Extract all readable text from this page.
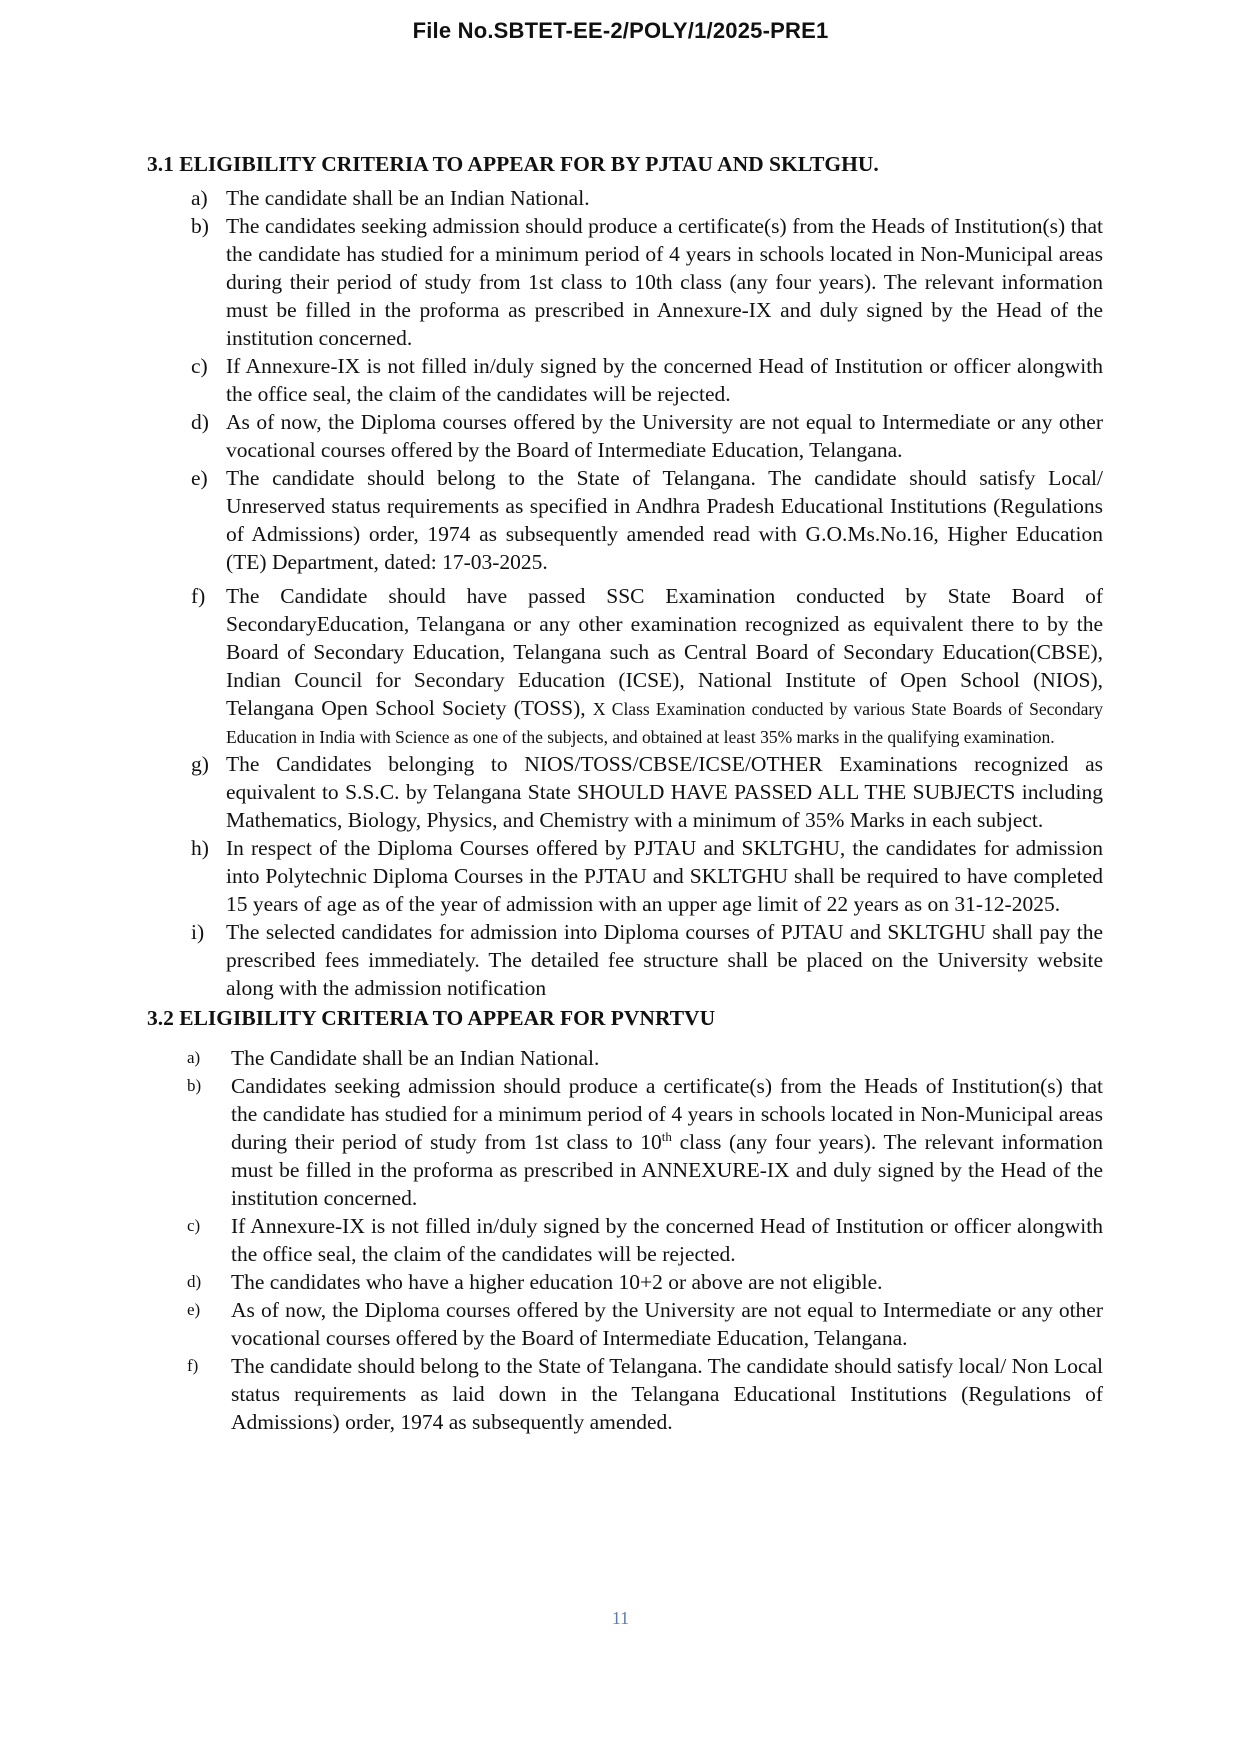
File No.SBTET-EE-2/POLY/1/2025-PRE1
3.1 ELIGIBILITY CRITERIA TO APPEAR FOR BY PJTAU AND SKLTGHU.
a) The candidate shall be an Indian National.
b) The candidates seeking admission should produce a certificate(s) from the Heads of Institution(s) that the candidate has studied for a minimum period of 4 years in schools located in Non-Municipal areas during their period of study from 1st class to 10th class (any four years). The relevant information must be filled in the proforma as prescribed in Annexure-IX and duly signed by the Head of the institution concerned.
c) If Annexure-IX is not filled in/duly signed by the concerned Head of Institution or officer alongwith the office seal, the claim of the candidates will be rejected.
d) As of now, the Diploma courses offered by the University are not equal to Intermediate or any other vocational courses offered by the Board of Intermediate Education, Telangana.
e) The candidate should belong to the State of Telangana. The candidate should satisfy Local/ Unreserved status requirements as specified in Andhra Pradesh Educational Institutions (Regulations of Admissions) order, 1974 as subsequently amended read with G.O.Ms.No.16, Higher Education (TE) Department, dated: 17-03-2025.
f) The Candidate should have passed SSC Examination conducted by State Board of SecondaryEducation, Telangana or any other examination recognized as equivalent there to by the Board of Secondary Education, Telangana such as Central Board of Secondary Education(CBSE), Indian Council for Secondary Education (ICSE), National Institute of Open School (NIOS), Telangana Open School Society (TOSS), X Class Examination conducted by various State Boards of Secondary Education in India with Science as one of the subjects, and obtained at least 35% marks in the qualifying examination.
g) The Candidates belonging to NIOS/TOSS/CBSE/ICSE/OTHER Examinations recognized as equivalent to S.S.C. by Telangana State SHOULD HAVE PASSED ALL THE SUBJECTS including Mathematics, Biology, Physics, and Chemistry with a minimum of 35% Marks in each subject.
h) In respect of the Diploma Courses offered by PJTAU and SKLTGHU, the candidates for admission into Polytechnic Diploma Courses in the PJTAU and SKLTGHU shall be required to have completed 15 years of age as of the year of admission with an upper age limit of 22 years as on 31-12-2025.
i)	The selected candidates for admission into Diploma courses of PJTAU and SKLTGHU shall pay the prescribed fees immediately. The detailed fee structure shall be placed on the University website along with the admission notification
3.2 ELIGIBILITY CRITERIA TO APPEAR FOR PVNRTVU
a)	The Candidate shall be an Indian National.
b)	Candidates seeking admission should produce a certificate(s) from the Heads of Institution(s) that the candidate has studied for a minimum period of 4 years in schools located in Non-Municipal areas during their period of study from 1st class to 10th class (any four years). The relevant information must be filled in the proforma as prescribed in ANNEXURE-IX and duly signed by the Head of the institution concerned.
c)	If Annexure-IX is not filled in/duly signed by the concerned Head of Institution or officer alongwith the office seal, the claim of the candidates will be rejected.
d)	The candidates who have a higher education 10+2 or above are not eligible.
e)	As of now, the Diploma courses offered by the University are not equal to Intermediate or any other vocational courses offered by the Board of Intermediate Education, Telangana.
f)	The candidate should belong to the State of Telangana. The candidate should satisfy local/ Non Local status requirements as laid down in the Telangana Educational Institutions (Regulations of Admissions) order, 1974 as subsequently amended.
11
